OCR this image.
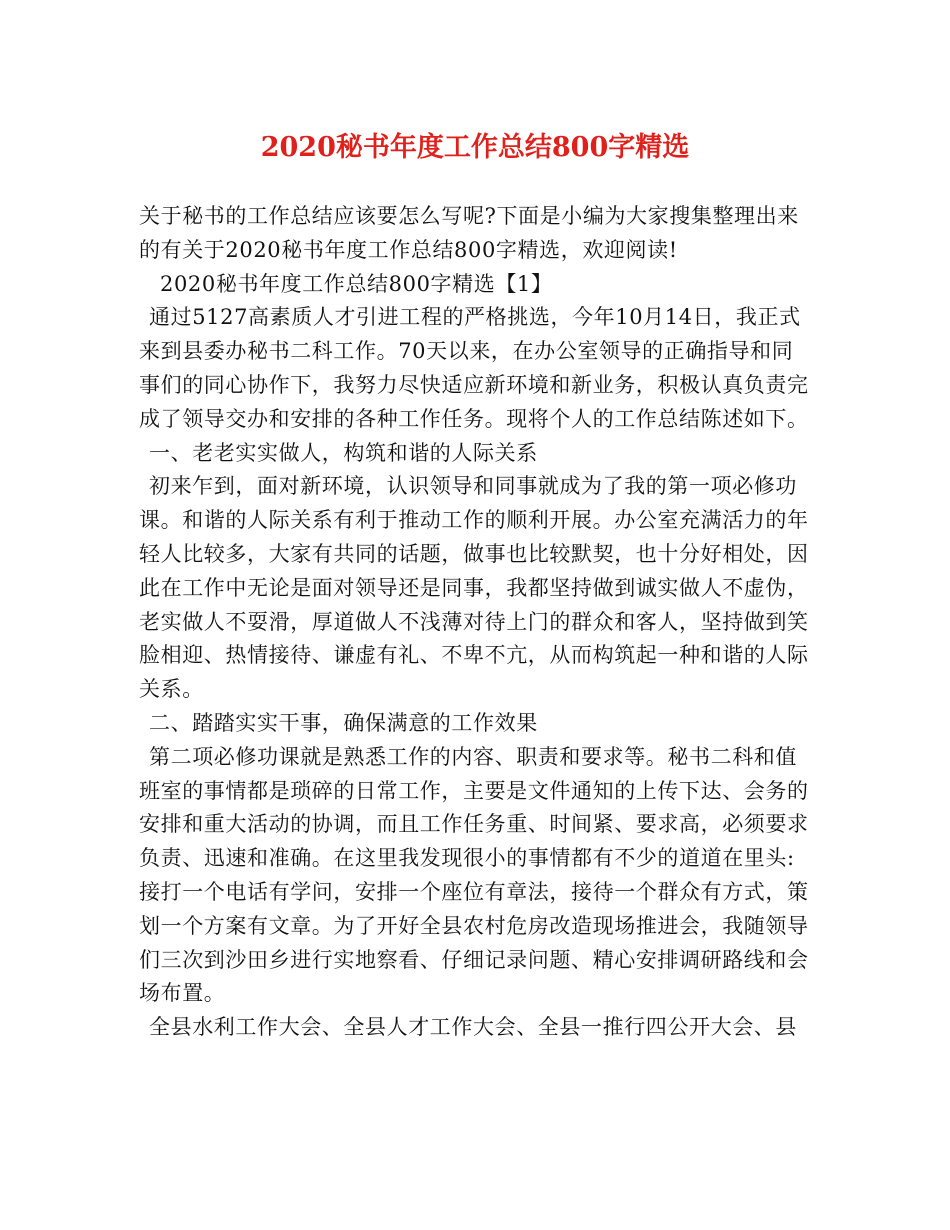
2020秘书年度工作总结800字精选
关于秘书的工作总结应该要怎么写呢?下面是小编为大家搜集整理出来
的有关于2020秘书年度工作总结800字精选，欢迎阅读!
2020秘书年度工作总结800字精选【1】
通过5127高素质人才引进工程的严格挑选，今年10月14日，我正式
来到县委办秘书二科工作。70天以来，在办公室领导的正确指导和同
事们的同心协作下，我努力尽快适应新环境和新业务，积极认真负责完
成了领导交办和安排的各种工作任务。现将个人的工作总结陈述如下。
一、老老实实做人，构筑和谐的人际关系
初来乍到，面对新环境，认识领导和同事就成为了我的第一项必修功
课。和谐的人际关系有利于推动工作的顺利开展。办公室充满活力的年
轻人比较多，大家有共同的话题，做事也比较默契，也十分好相处，因
此在工作中无论是面对领导还是同事，我都坚持做到诚实做人不虚伪，
老实做人不耍滑，厚道做人不浅薄对待上门的群众和客人，坚持做到笑
脸相迎、热情接待、谦虚有礼、不卑不亢，从而构筑起一种和谐的人际
关系。
二、踏踏实实干事，确保满意的工作效果
第二项必修功课就是熟悉工作的内容、职责和要求等。秘书二科和值
班室的事情都是琐碎的日常工作，主要是文件通知的上传下达、会务的
安排和重大活动的协调，而且工作任务重、时间紧、要求高，必须要求
负责、迅速和准确。在这里我发现很小的事情都有不少的道道在里头:
接打一个电话有学问，安排一个座位有章法，接待一个群众有方式，策
划一个方案有文章。为了开好全县农村危房改造现场推进会，我随领导
们三次到沙田乡进行实地察看、仔细记录问题、精心安排调研路线和会
场布置。
全县水利工作大会、全县人才工作大会、全县一推行四公开大会、县
